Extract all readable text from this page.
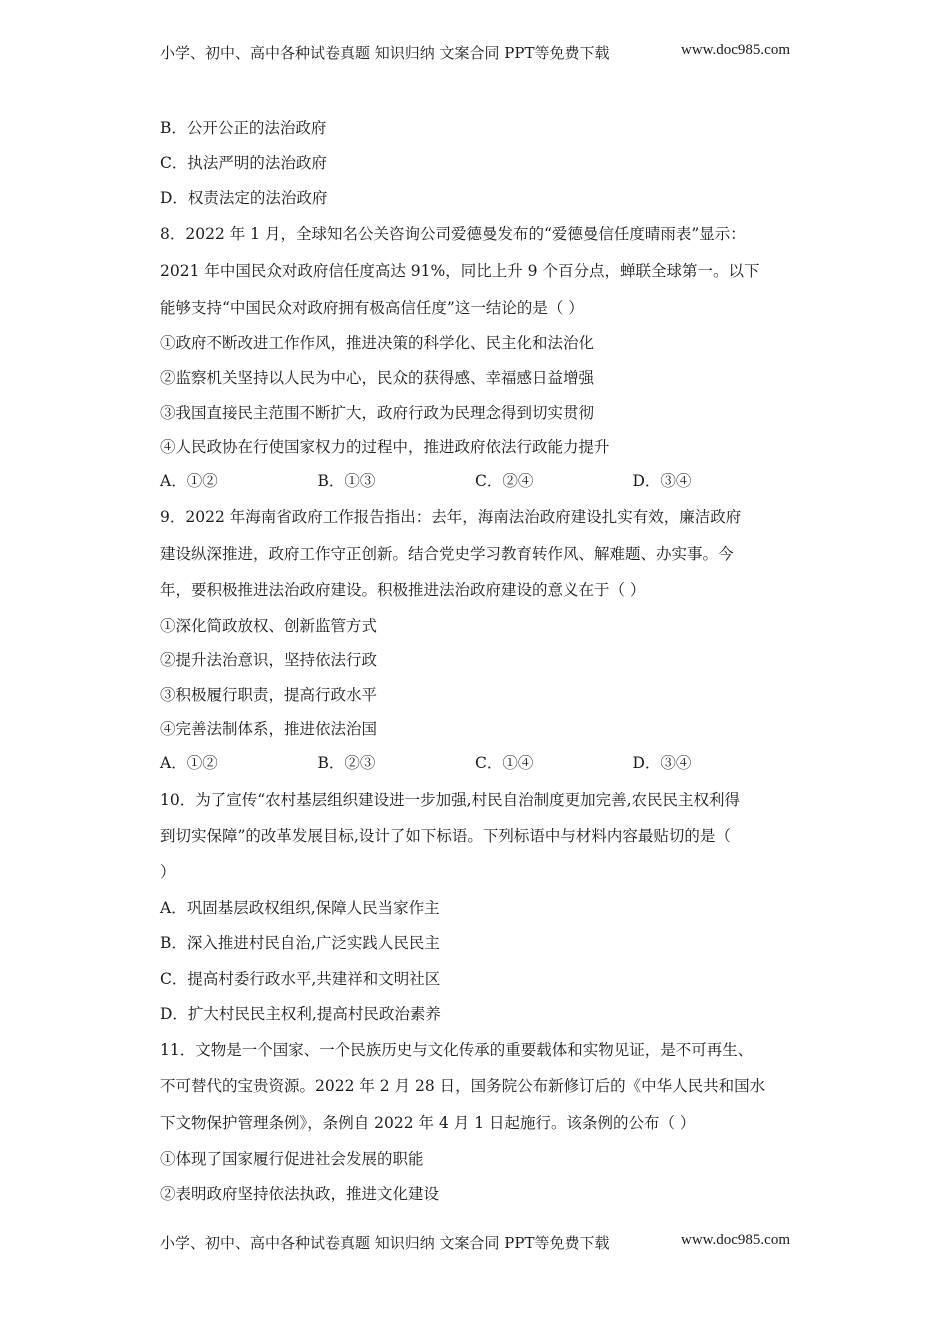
小学、初中、高中各种试卷真题 知识归纳 文案合同 PPT等免费下载	www.doc985.com
B．公开公正的法治政府
C．执法严明的法治政府
D．权责法定的法治政府
8．2022 年 1 月，全球知名公关咨询公司爱德曼发布的“爱德曼信任度晴雨表”显示：
2021 年中国民众对政府信任度高达 91%，同比上升 9 个百分点，蝉联全球第一。以下
能够支持“中国民众对政府拥有极高信任度”这一结论的是（ ）
①政府不断改进工作作风，推进决策的科学化、民主化和法治化
②监察机关坚持以人民为中心，民众的获得感、幸福感日益增强
③我国直接民主范围不断扩大，政府行政为民理念得到切实贯彻
④人民政协在行使国家权力的过程中，推进政府依法行政能力提升
A．①②	B．①③	C．②④	D．③④
9．2022 年海南省政府工作报告指出：去年，海南法治政府建设扎实有效，廉洁政府
建设纵深推进，政府工作守正创新。结合党史学习教育转作风、解难题、办实事。今
年，要积极推进法治政府建设。积极推进法治政府建设的意义在于（ ）
①深化简政放权、创新监管方式
②提升法治意识，坚持依法行政
③积极履行职责，提高行政水平
④完善法制体系，推进依法治国
A．①②	B．②③	C．①④	D．③④
10．为了宣传“农村基层组织建设进一步加强,村民自治制度更加完善,农民民主权利得
到切实保障”的改革发展目标,设计了如下标语。下列标语中与材料内容最贴切的是（
）
A．巩固基层政权组织,保障人民当家作主
B．深入推进村民自治,广泛实践人民民主
C．提高村委行政水平,共建祥和文明社区
D．扩大村民民主权利,提高村民政治素养
11．文物是一个国家、一个民族历史与文化传承的重要载体和实物见证，是不可再生、
不可替代的宝贵资源。2022 年 2 月 28 日，国务院公布新修订后的《中华人民共和国水
下文物保护管理条例》，条例自 2022 年 4 月 1 日起施行。该条例的公布（ ）
①体现了国家履行促进社会发展的职能
②表明政府坚持依法执政，推进文化建设
小学、初中、高中各种试卷真题 知识归纳 文案合同 PPT等免费下载	www.doc985.com
